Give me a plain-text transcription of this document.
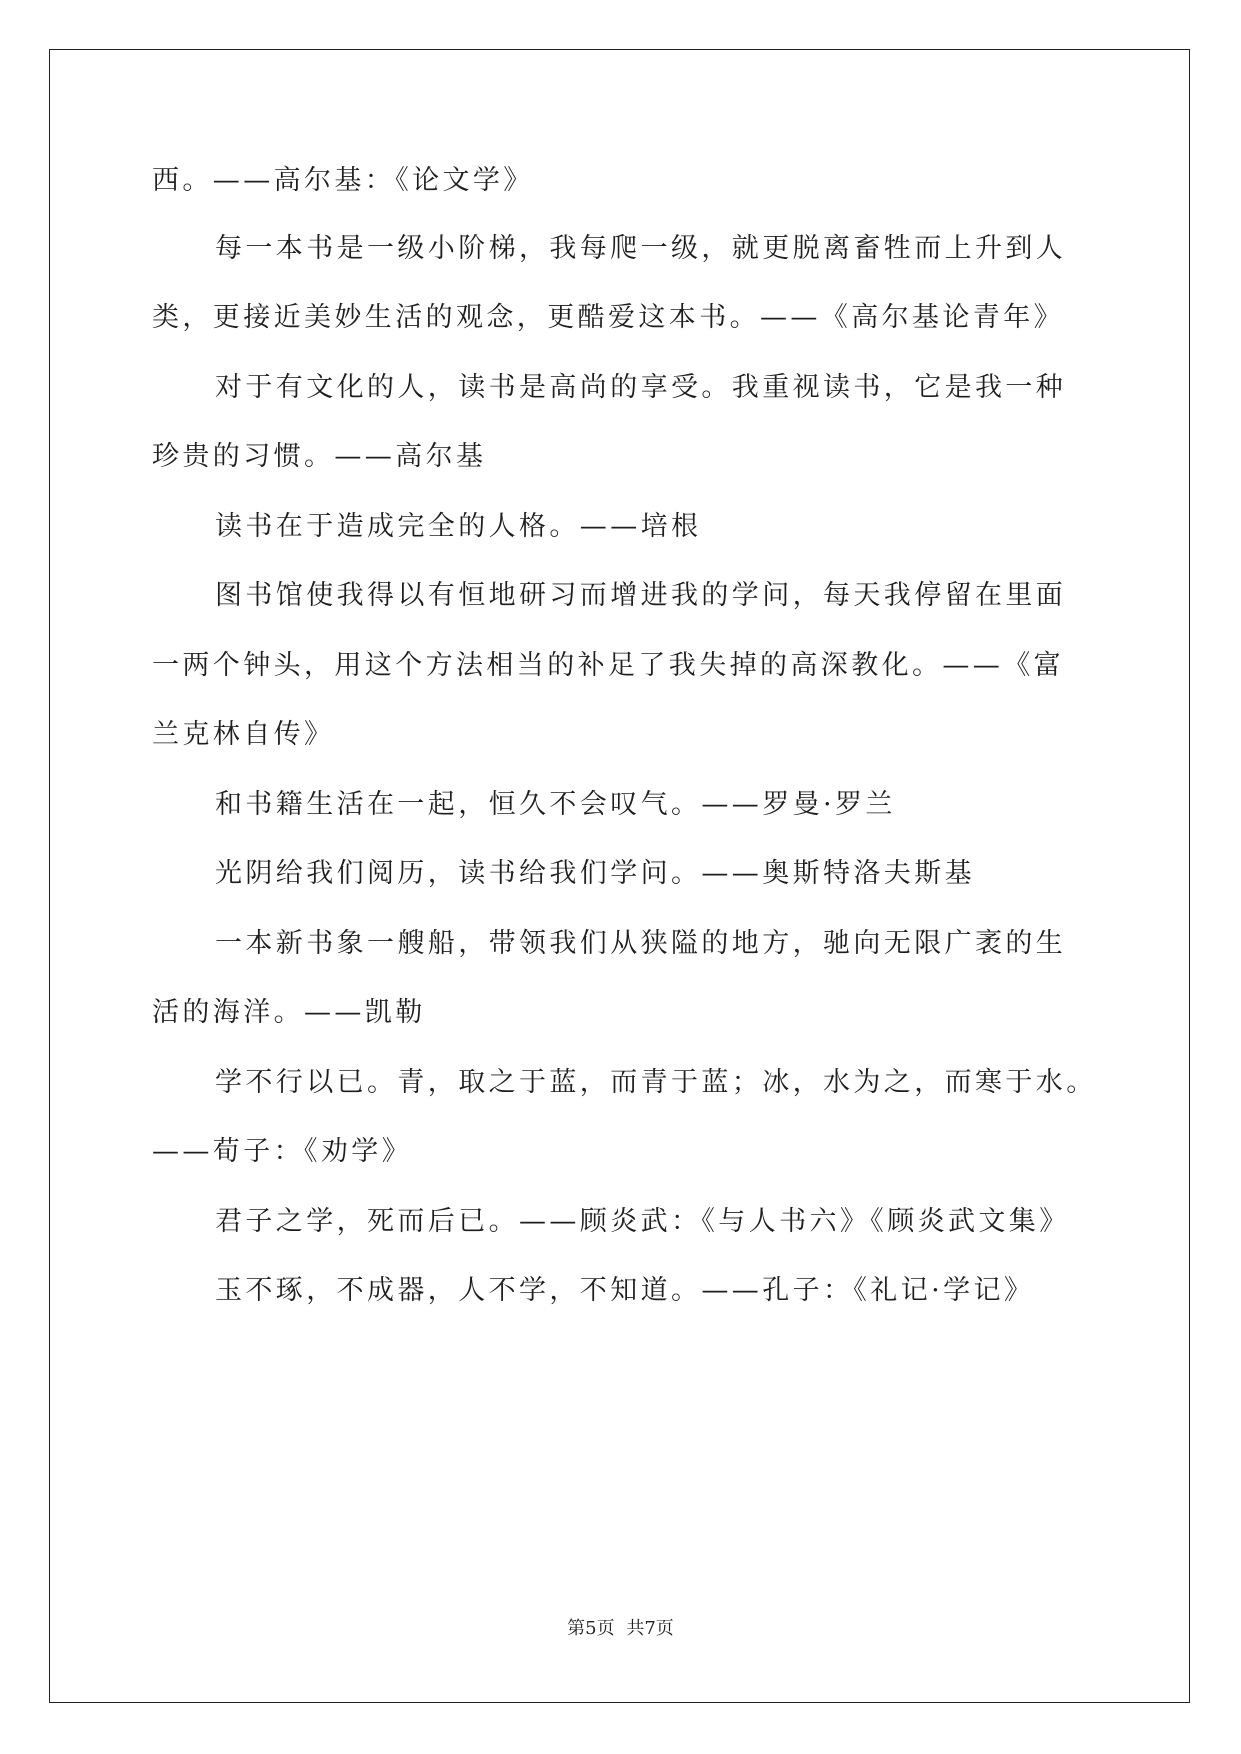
西。——高尔基：《论文学》
每一本书是一级小阶梯，我每爬一级，就更脱离畜牲而上升到人
类，更接近美妙生活的观念，更酷爱这本书。——《高尔基论青年》
对于有文化的人，读书是高尚的享受。我重视读书，它是我一种
珍贵的习惯。——高尔基
读书在于造成完全的人格。——培根
图书馆使我得以有恒地研习而增进我的学问，每天我停留在里面
一两个钟头，用这个方法相当的补足了我失掉的高深教化。——《富
兰克林自传》
和书籍生活在一起，恒久不会叹气。——罗曼·罗兰
光阴给我们阅历，读书给我们学问。——奥斯特洛夫斯基
一本新书象一艘船，带领我们从狭隘的地方，驰向无限广袤的生
活的海洋。——凯勒
学不行以已。青，取之于蓝，而青于蓝；冰，水为之，而寒于水。
——荀子：《劝学》
君子之学，死而后已。——顾炎武：《与人书六》《顾炎武文集》
玉不琢，不成器，人不学，不知道。——孔子：《礼记·学记》
第5页 共7页
